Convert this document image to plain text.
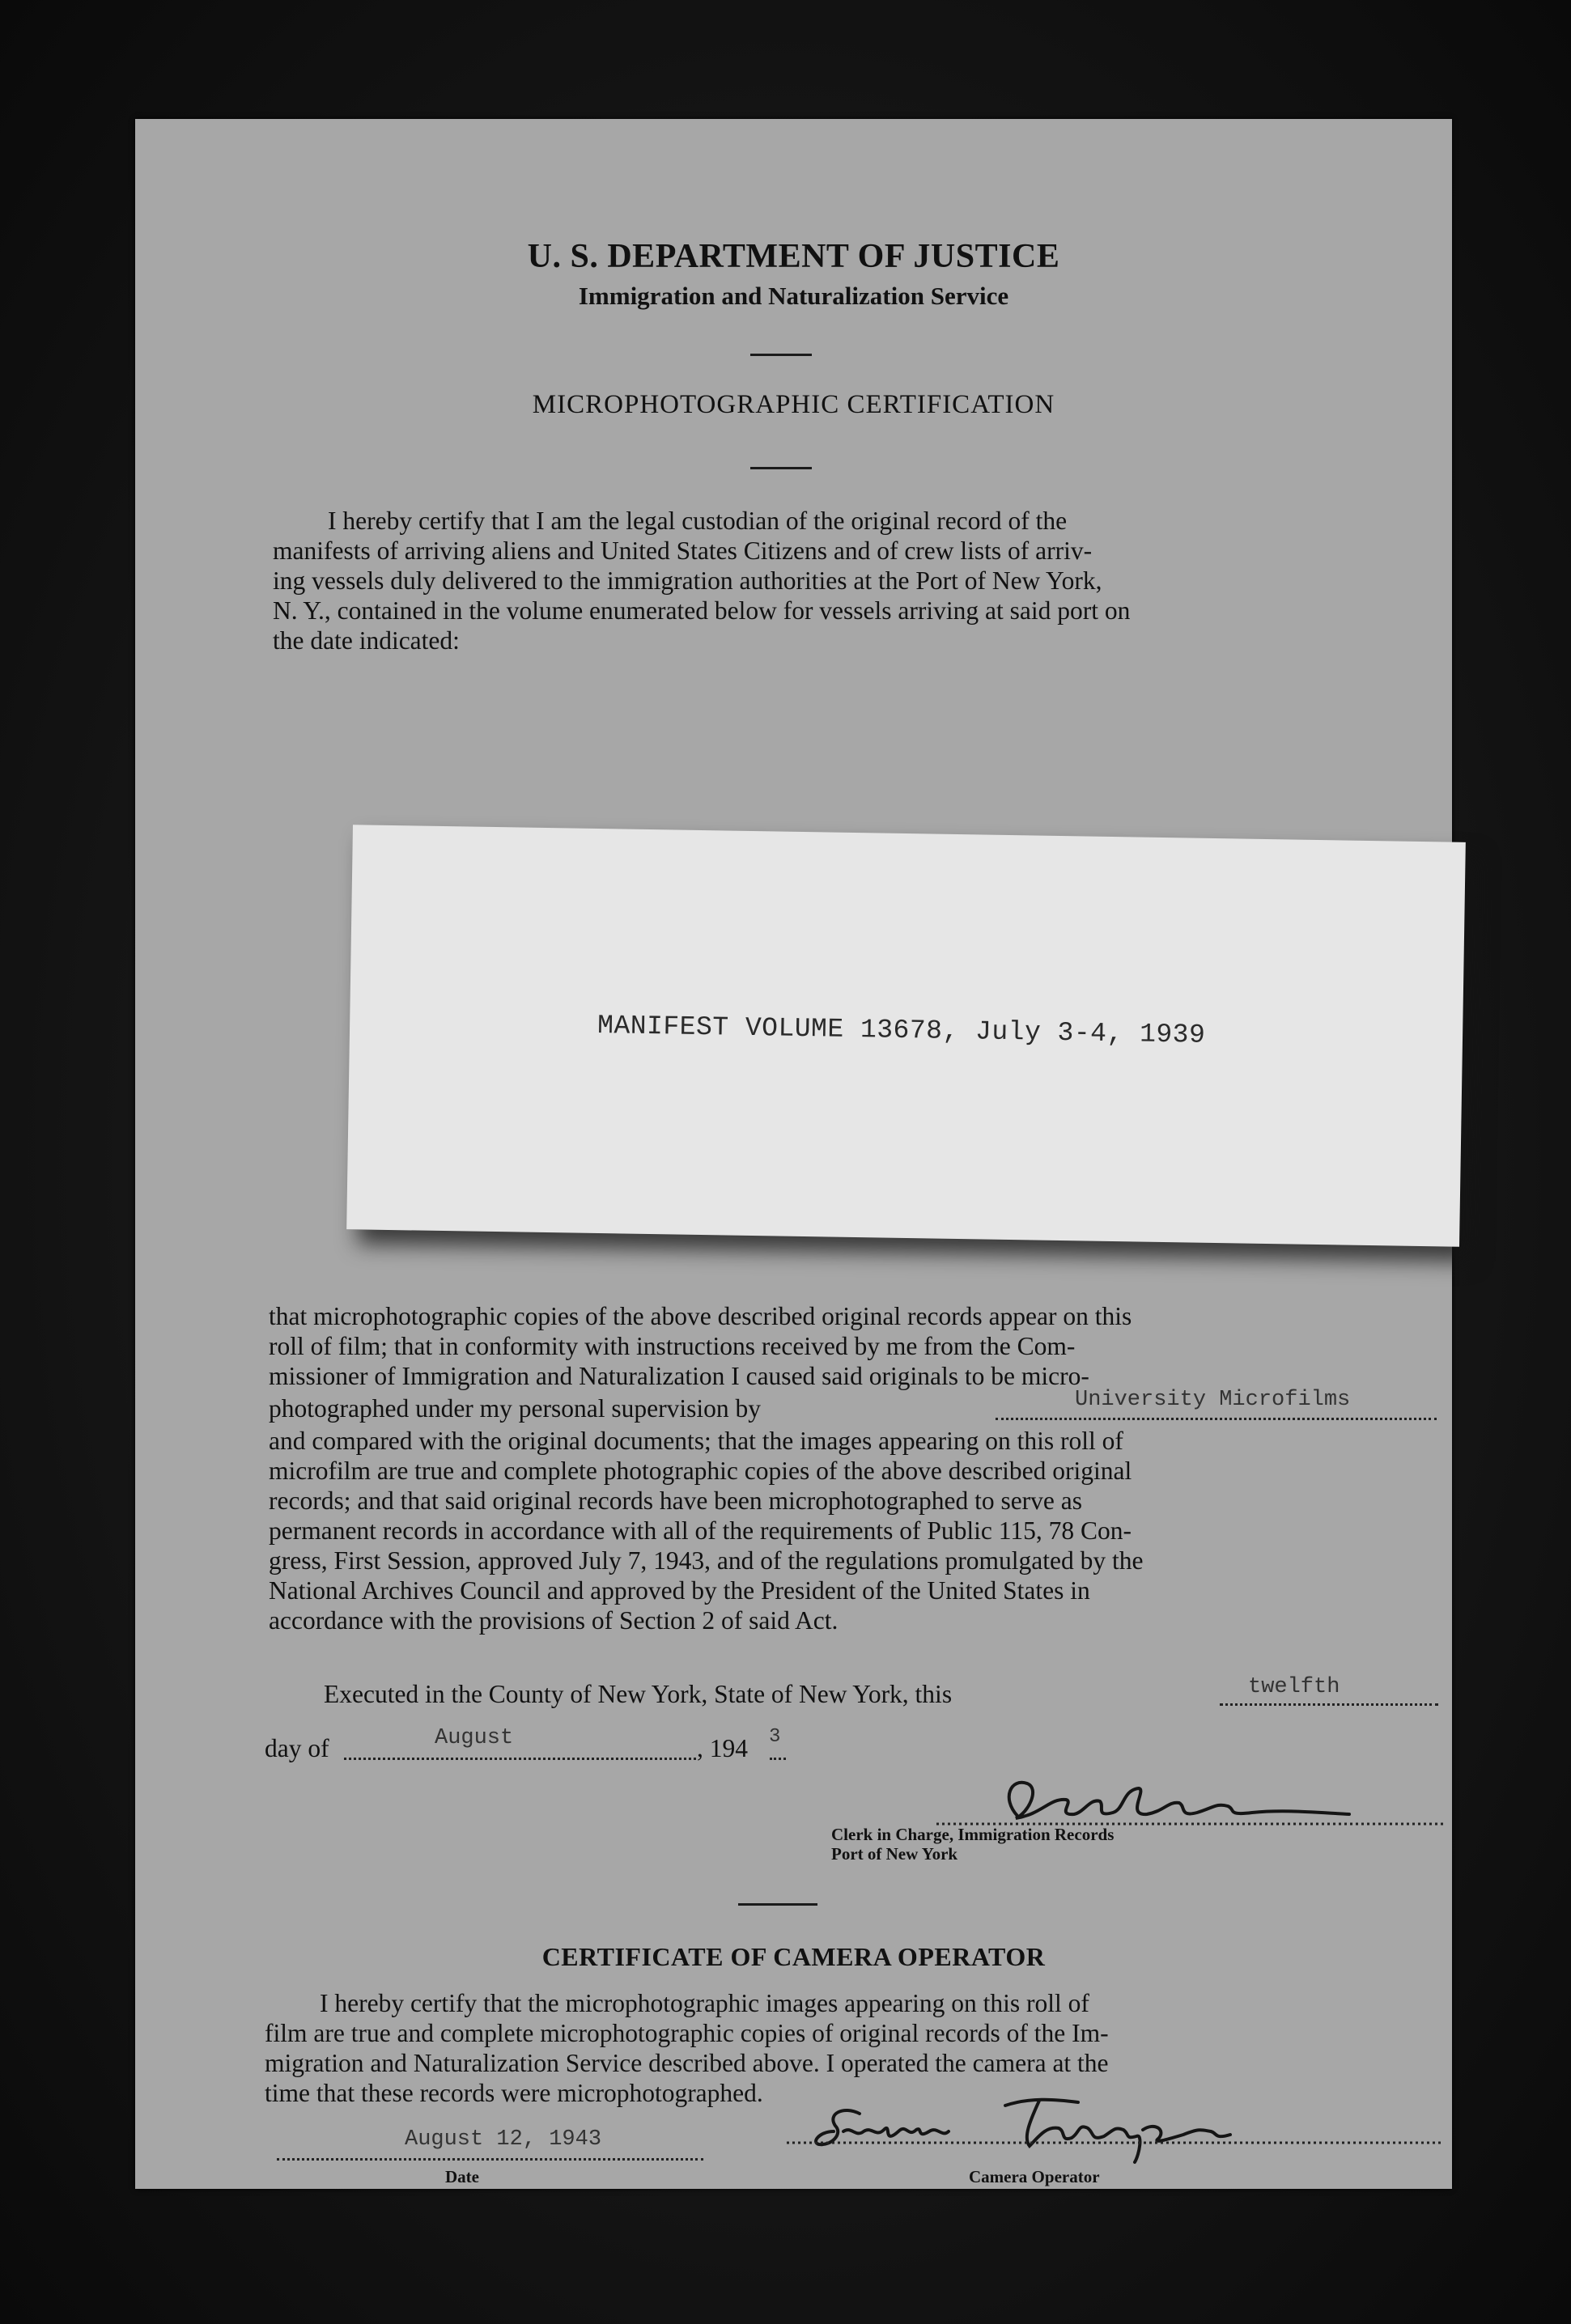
U. S. DEPARTMENT OF JUSTICE
Immigration and Naturalization Service
MICROPHOTOGRAPHIC CERTIFICATION
I hereby certify that I am the legal custodian of the original record of the
manifests of arriving aliens and United States Citizens and of crew lists of arriv-
ing vessels duly delivered to the immigration authorities at the Port of New York,
N. Y., contained in the volume enumerated below for vessels arriving at said port on
the date indicated:
MANIFEST VOLUME 13678, July 3-4, 1939
that microphotographic copies of the above described original records appear on this
roll of film; that in conformity with instructions received by me from the Com-
missioner of Immigration and Naturalization I caused said originals to be micro-
photographed under my personal supervision by	University Microfilms
and compared with the original documents; that the images appearing on this roll of
microfilm are true and complete photographic copies of the above described original
records; and that said original records have been microphotographed to serve as
permanent records in accordance with all of the requirements of Public 115, 78 Con-
gress, First Session, approved July 7, 1943, and of the regulations promulgated by the
National Archives Council and approved by the President of the United States in
accordance with the provisions of Section 2 of said Act.
Executed in the County of New York, State of New York, this	twelfth
day of	August	, 194 3
Clerk in Charge, Immigration Records
Port of New York
CERTIFICATE OF CAMERA OPERATOR
I hereby certify that the microphotographic images appearing on this roll of
film are true and complete microphotographic copies of original records of the Im-
migration and Naturalization Service described above. I operated the camera at the
time that these records were microphotographed.
August 12, 1943
Date	Camera Operator
